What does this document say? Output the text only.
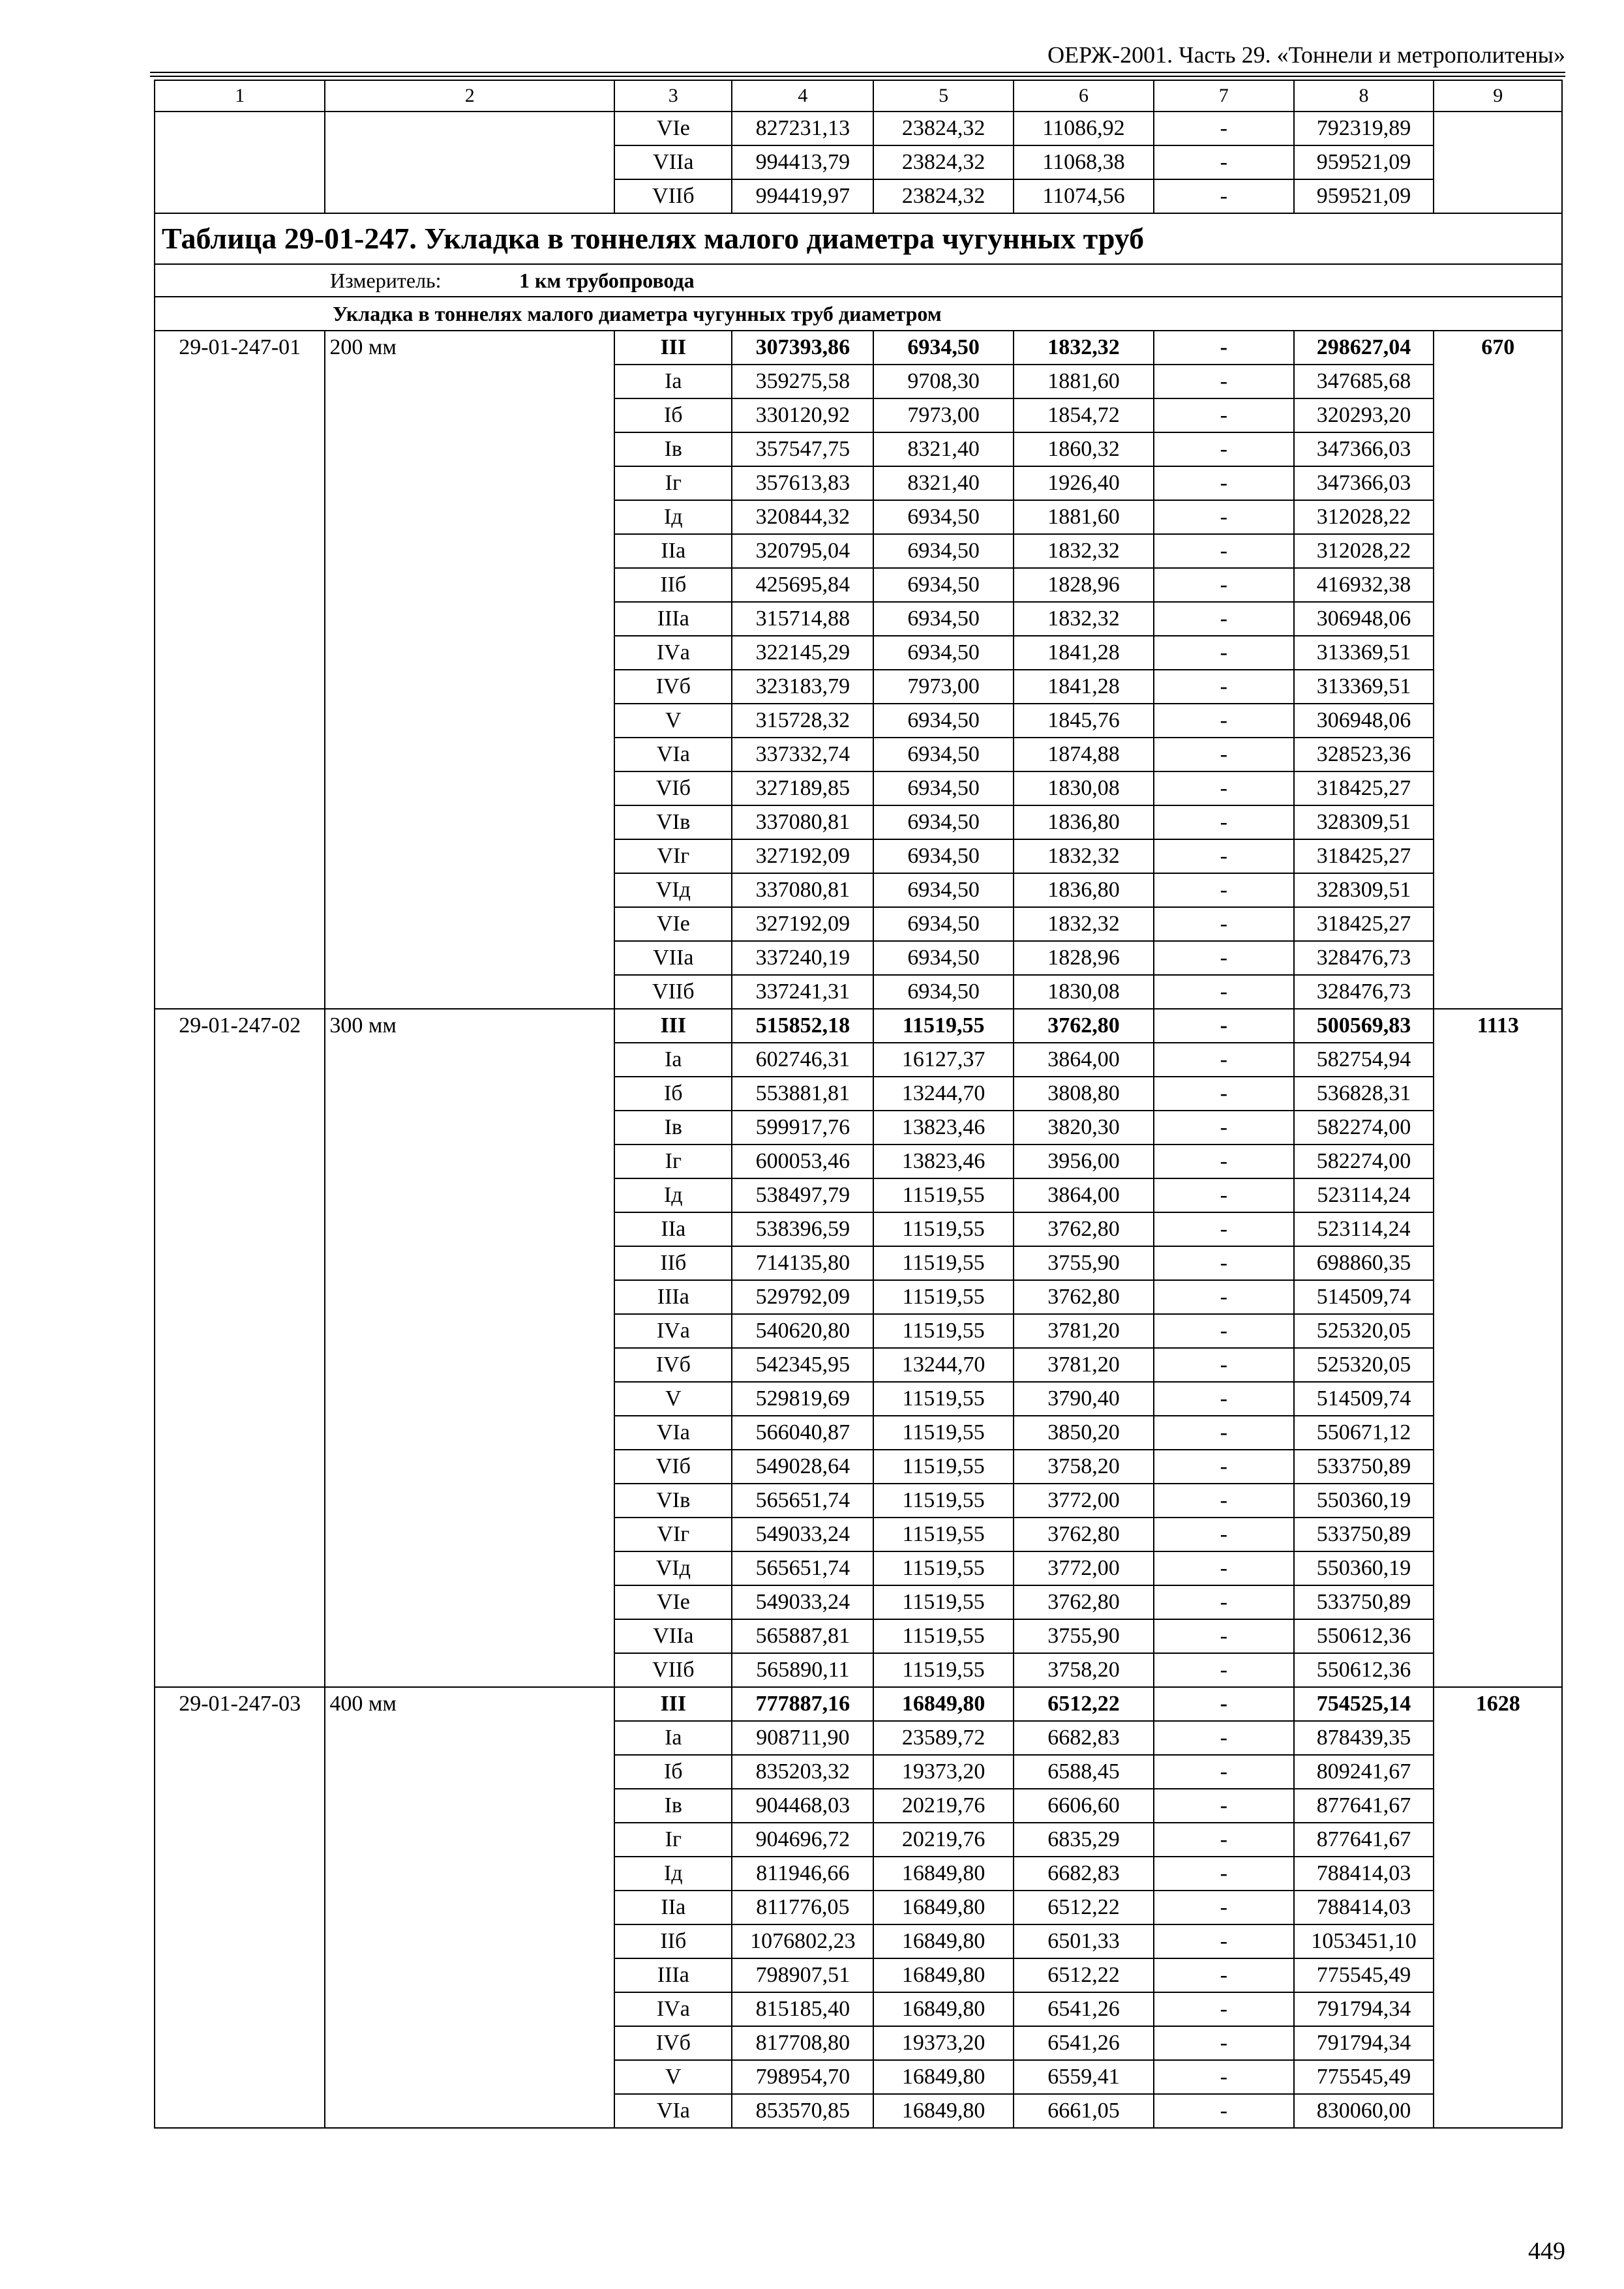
ОЕРЖ-2001. Часть 29. «Тоннели и метрополитены»
1	2	3	4	5	6	7	8	9
		VIе	827231,13	23824,32	11086,92	-	792319,89	
		VIIа	994413,79	23824,32	11068,38	-	959521,09	
		VIIб	994419,97	23824,32	11074,56	-	959521,09	
Таблица 29-01-247. Укладка в тоннелях малого диаметра чугунных труб								
Измеритель: 1 км трубопровода								
Укладка в тоннелях малого диаметра чугунных труб диаметром								
29-01-247-01	200 мм	III	307393,86	6934,50	1832,32	-	298627,04	670
		Iа	359275,58	9708,30	1881,60	-	347685,68	
		Iб	330120,92	7973,00	1854,72	-	320293,20	
		Iв	357547,75	8321,40	1860,32	-	347366,03	
		Iг	357613,83	8321,40	1926,40	-	347366,03	
		Iд	320844,32	6934,50	1881,60	-	312028,22	
		IIа	320795,04	6934,50	1832,32	-	312028,22	
		IIб	425695,84	6934,50	1828,96	-	416932,38	
		IIIа	315714,88	6934,50	1832,32	-	306948,06	
		IVа	322145,29	6934,50	1841,28	-	313369,51	
		IVб	323183,79	7973,00	1841,28	-	313369,51	
		V	315728,32	6934,50	1845,76	-	306948,06	
		VIа	337332,74	6934,50	1874,88	-	328523,36	
		VIб	327189,85	6934,50	1830,08	-	318425,27	
		VIв	337080,81	6934,50	1836,80	-	328309,51	
		VIг	327192,09	6934,50	1832,32	-	318425,27	
		VIд	337080,81	6934,50	1836,80	-	328309,51	
		VIе	327192,09	6934,50	1832,32	-	318425,27	
		VIIа	337240,19	6934,50	1828,96	-	328476,73	
		VIIб	337241,31	6934,50	1830,08	-	328476,73	
29-01-247-02	300 мм	III	515852,18	11519,55	3762,80	-	500569,83	1113
		Iа	602746,31	16127,37	3864,00	-	582754,94	
		Iб	553881,81	13244,70	3808,80	-	536828,31	
		Iв	599917,76	13823,46	3820,30	-	582274,00	
		Iг	600053,46	13823,46	3956,00	-	582274,00	
		Iд	538497,79	11519,55	3864,00	-	523114,24	
		IIа	538396,59	11519,55	3762,80	-	523114,24	
		IIб	714135,80	11519,55	3755,90	-	698860,35	
		IIIа	529792,09	11519,55	3762,80	-	514509,74	
		IVа	540620,80	11519,55	3781,20	-	525320,05	
		IVб	542345,95	13244,70	3781,20	-	525320,05	
		V	529819,69	11519,55	3790,40	-	514509,74	
		VIа	566040,87	11519,55	3850,20	-	550671,12	
		VIб	549028,64	11519,55	3758,20	-	533750,89	
		VIв	565651,74	11519,55	3772,00	-	550360,19	
		VIг	549033,24	11519,55	3762,80	-	533750,89	
		VIд	565651,74	11519,55	3772,00	-	550360,19	
		VIе	549033,24	11519,55	3762,80	-	533750,89	
		VIIа	565887,81	11519,55	3755,90	-	550612,36	
		VIIб	565890,11	11519,55	3758,20	-	550612,36	
29-01-247-03	400 мм	III	777887,16	16849,80	6512,22	-	754525,14	1628
		Iа	908711,90	23589,72	6682,83	-	878439,35	
		Iб	835203,32	19373,20	6588,45	-	809241,67	
		Iв	904468,03	20219,76	6606,60	-	877641,67	
		Iг	904696,72	20219,76	6835,29	-	877641,67	
		Iд	811946,66	16849,80	6682,83	-	788414,03	
		IIа	811776,05	16849,80	6512,22	-	788414,03	
		IIб	1076802,23	16849,80	6501,33	-	1053451,10	
		IIIа	798907,51	16849,80	6512,22	-	775545,49	
		IVа	815185,40	16849,80	6541,26	-	791794,34	
		IVб	817708,80	19373,20	6541,26	-	791794,34	
		V	798954,70	16849,80	6559,41	-	775545,49	
		VIа	853570,85	16849,80	6661,05	-	830060,00	
449
